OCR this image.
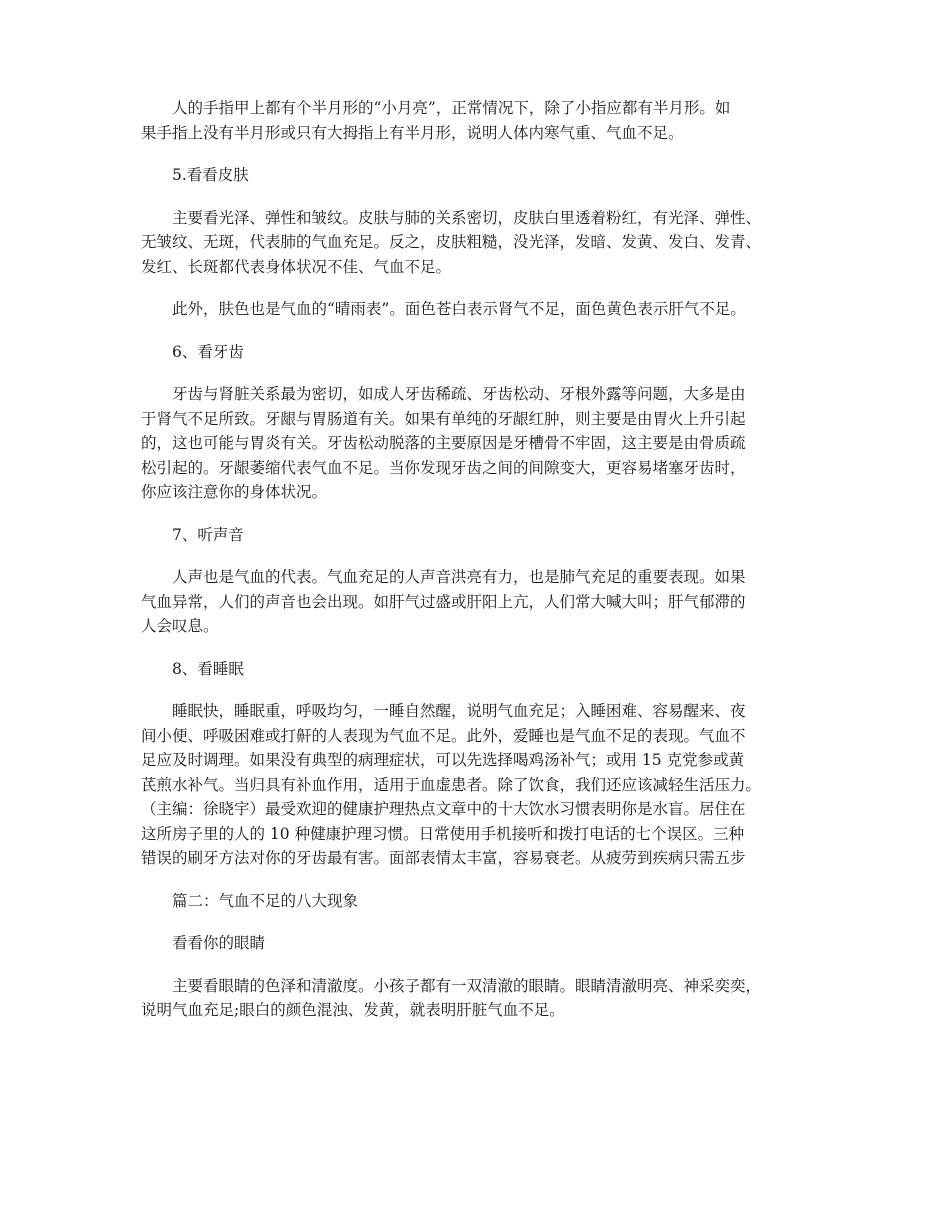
人的手指甲上都有个半月形的“小月亮”，正常情况下，除了小指应都有半月形。如
果手指上没有半月形或只有大拇指上有半月形，说明人体内寒气重、气血不足。
5.看看皮肤
主要看光泽、弹性和皱纹。皮肤与肺的关系密切，皮肤白里透着粉红，有光泽、弹性、
无皱纹、无斑，代表肺的气血充足。反之，皮肤粗糙，没光泽，发暗、发黄、发白、发青、
发红、长斑都代表身体状况不佳、气血不足。
此外，肤色也是气血的“晴雨表”。面色苍白表示肾气不足，面色黄色表示肝气不足。
6、看牙齿
牙齿与肾脏关系最为密切，如成人牙齿稀疏、牙齿松动、牙根外露等问题，大多是由
于肾气不足所致。牙龈与胃肠道有关。如果有单纯的牙龈红肿，则主要是由胃火上升引起
的，这也可能与胃炎有关。牙齿松动脱落的主要原因是牙槽骨不牢固，这主要是由骨质疏
松引起的。牙龈萎缩代表气血不足。当你发现牙齿之间的间隙变大，更容易堵塞牙齿时，
你应该注意你的身体状况。
7、听声音
人声也是气血的代表。气血充足的人声音洪亮有力，也是肺气充足的重要表现。如果
气血异常，人们的声音也会出现。如肝气过盛或肝阳上亢，人们常大喊大叫；肝气郁滞的
人会叹息。
8、看睡眠
睡眠快，睡眠重，呼吸均匀，一睡自然醒，说明气血充足；入睡困难、容易醒来、夜
间小便、呼吸困难或打鼾的人表现为气血不足。此外，爱睡也是气血不足的表现。气血不
足应及时调理。如果没有典型的病理症状，可以先选择喝鸡汤补气；或用 15 克党参或黄
芪煎水补气。当归具有补血作用，适用于血虚患者。除了饮食，我们还应该减轻生活压力。
（主编：徐晓宇）最受欢迎的健康护理热点文章中的十大饮水习惯表明你是水盲。居住在
这所房子里的人的 10 种健康护理习惯。日常使用手机接听和拨打电话的七个误区。三种
错误的刷牙方法对你的牙齿最有害。面部表情太丰富，容易衰老。从疲劳到疾病只需五步
篇二：气血不足的八大现象
看看你的眼睛
主要看眼睛的色泽和清澈度。小孩子都有一双清澈的眼睛。眼睛清澈明亮、神采奕奕，
说明气血充足;眼白的颜色混浊、发黄，就表明肝脏气血不足。
